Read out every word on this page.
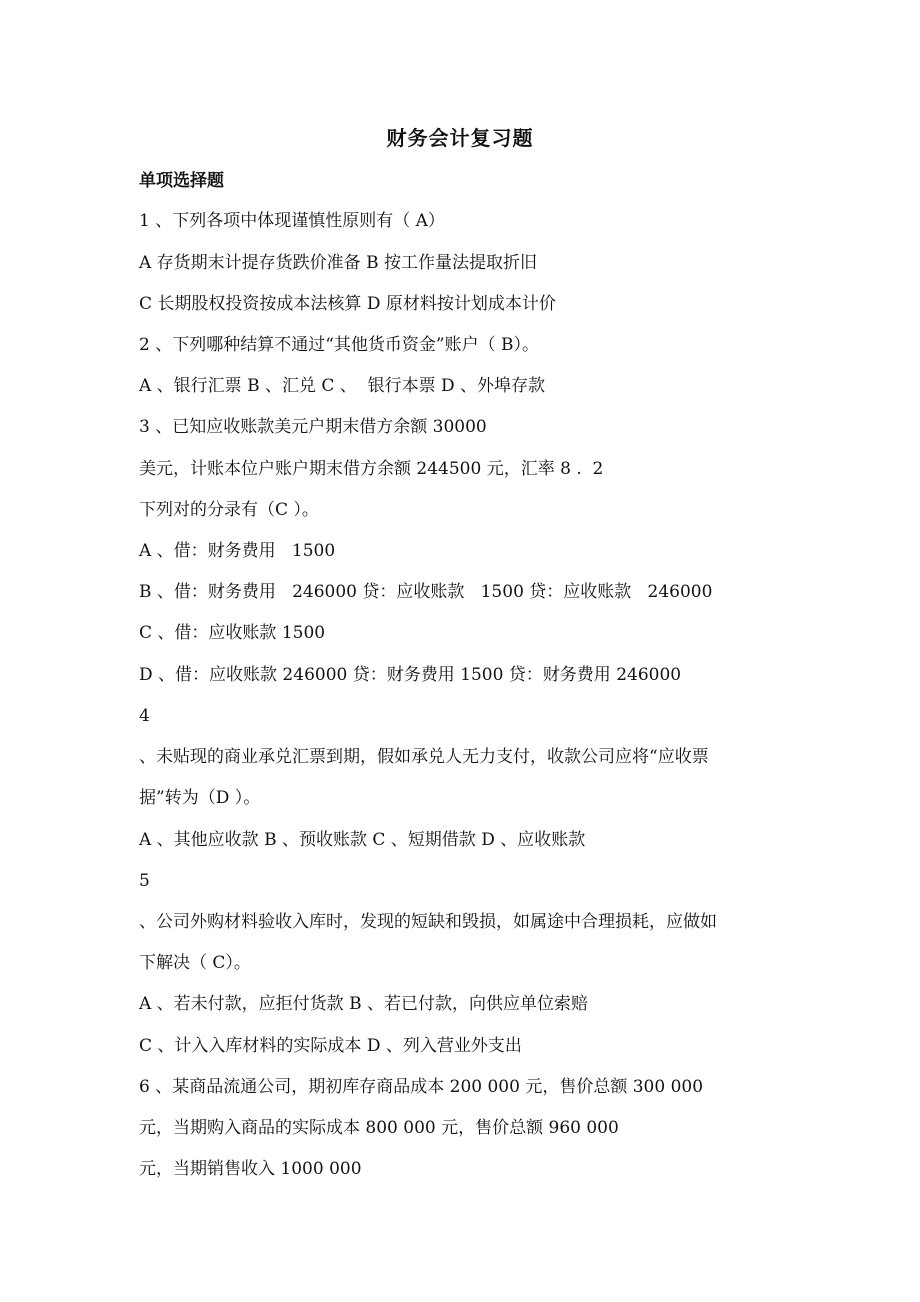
财务会计复习题
单项选择题
1 、下列各项中体现谨慎性原则有（ A）
A 存货期末计提存货跌价准备 B 按工作量法提取折旧
C 长期股权投资按成本法核算 D 原材料按计划成本计价
2 、下列哪种结算不通过“其他货币资金”账户（ B）。
A 、银行汇票 B 、汇兑 C 、  银行本票 D 、外埠存款
3 、已知应收账款美元户期末借方余额 30000
美元，计账本位户账户期末借方余额 244500 元，汇率 8 .  2
下列对的分录有（C ）。
A 、借：财务费用   1500
B 、借：财务费用   246000 贷：应收账款   1500 贷：应收账款   246000
C 、借：应收账款 1500
D 、借：应收账款 246000 贷：财务费用 1500 贷：财务费用 246000
4
、未贴现的商业承兑汇票到期，假如承兑人无力支付，收款公司应将“应收票
据”转为（D ）。
A 、其他应收款 B 、预收账款 C 、短期借款 D 、应收账款
5
、公司外购材料验收入库时，发现的短缺和毁损，如属途中合理损耗，应做如
下解决（ C）。
A 、若未付款，应拒付货款 B 、若已付款，向供应单位索赔
C 、计入入库材料的实际成本 D 、列入营业外支出
6 、某商品流通公司，期初库存商品成本 200 000 元，售价总额 300 000
元，当期购入商品的实际成本 800 000 元，售价总额 960 000
元，当期销售收入 1000 000
